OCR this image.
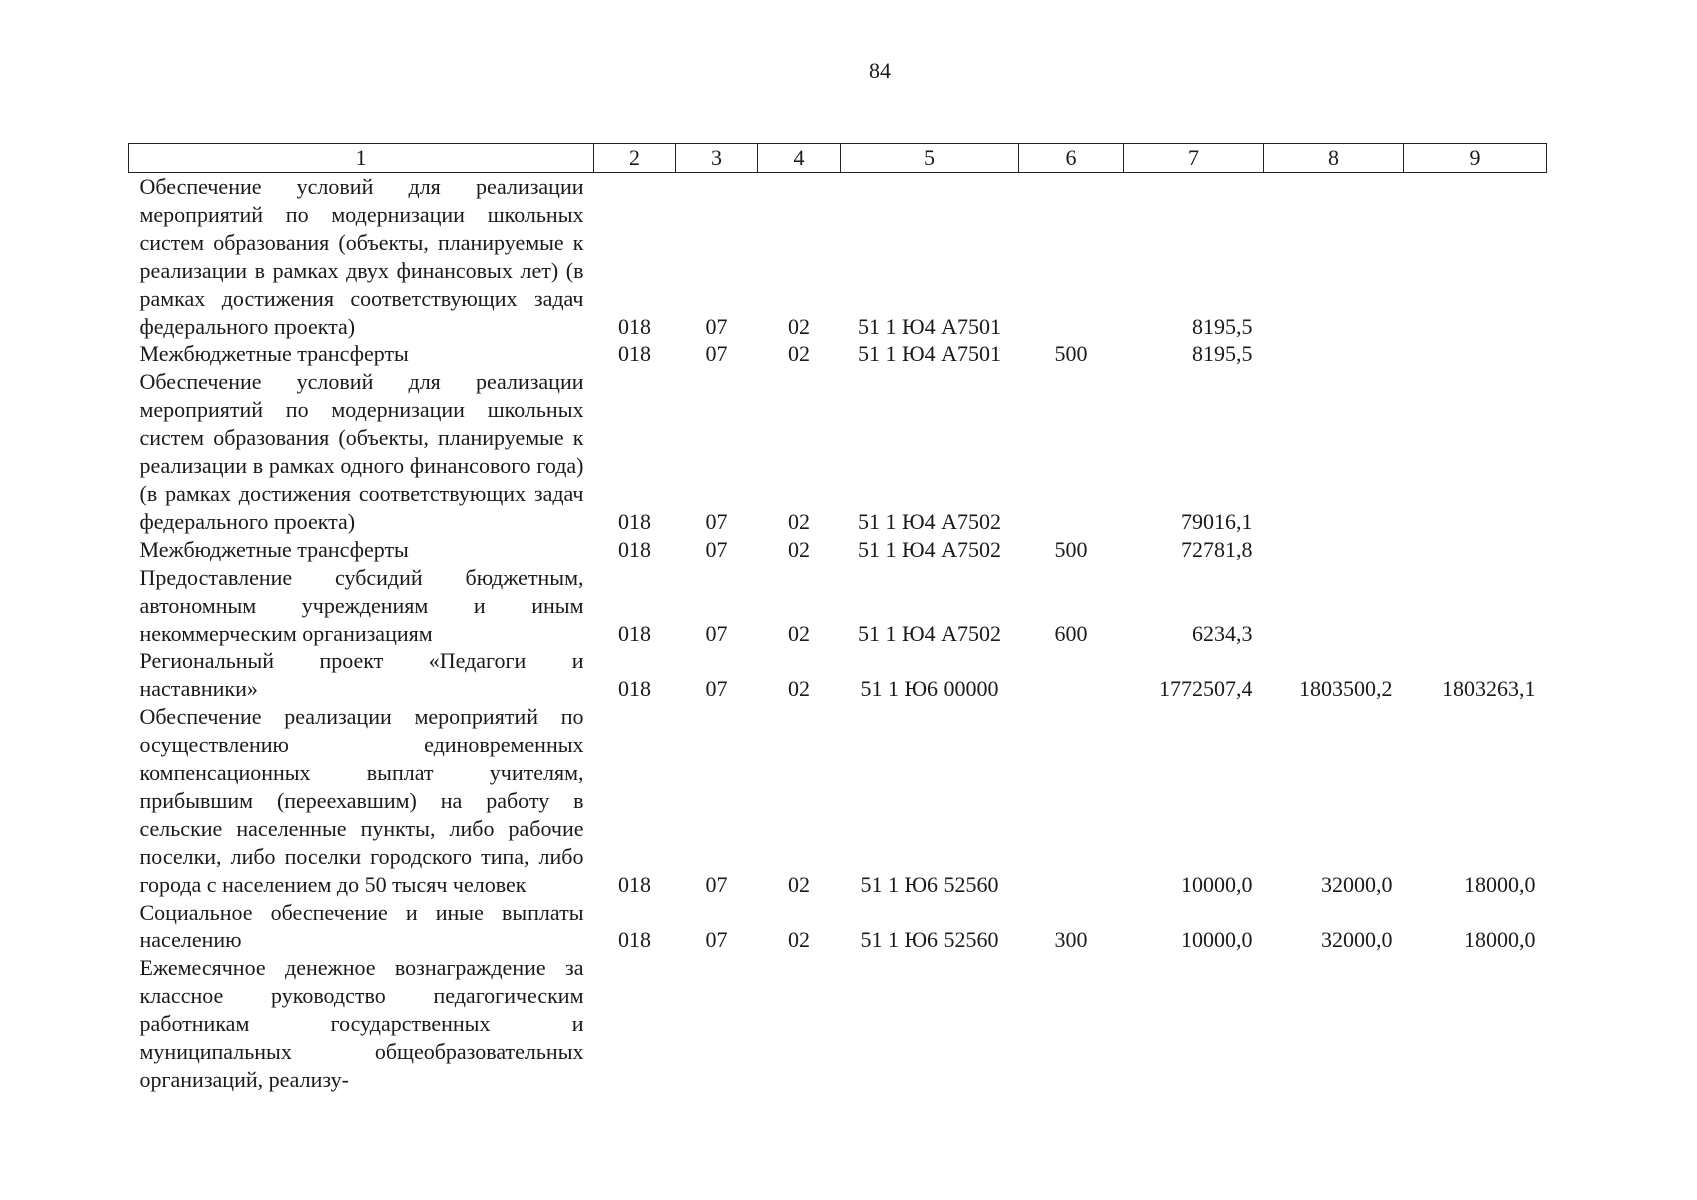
84
1	2	3	4	5	6	7	8	9
Обеспечение условий для реализации мероприятий по модернизации школьных систем образования (объекты, планируемые к реализации в рамках двух финансовых лет) (в рамках достижения соответствующих задач федерального проекта)	018	07	02	51 1 Ю4 А7501		8195,5		
Межбюджетные трансферты	018	07	02	51 1 Ю4 А7501	500	8195,5		
Обеспечение условий для реализации мероприятий по модернизации школьных систем образования (объекты, планируемые к реализации в рамках одного финансового года) (в рамках достижения соответствующих задач федерального проекта)	018	07	02	51 1 Ю4 А7502		79016,1		
Межбюджетные трансферты	018	07	02	51 1 Ю4 А7502	500	72781,8		
Предоставление субсидий бюджетным, автономным учреждениям и иным некоммерческим организациям	018	07	02	51 1 Ю4 А7502	600	6234,3		
Региональный проект «Педагоги и наставники»	018	07	02	51 1 Ю6 00000		1772507,4	1803500,2	1803263,1
Обеспечение реализации мероприятий по осуществлению единовременных компенсационных выплат учителям, прибывшим (переехавшим) на работу в сельские населенные пункты, либо рабочие поселки, либо поселки городского типа, либо города с населением до 50 тысяч человек	018	07	02	51 1 Ю6 52560		10000,0	32000,0	18000,0
Социальное обеспечение и иные выплаты населению	018	07	02	51 1 Ю6 52560	300	10000,0	32000,0	18000,0
Ежемесячное денежное вознаграждение за классное руководство педагогическим работникам государственных и муниципальных общеобразовательных организаций, реализу-								
